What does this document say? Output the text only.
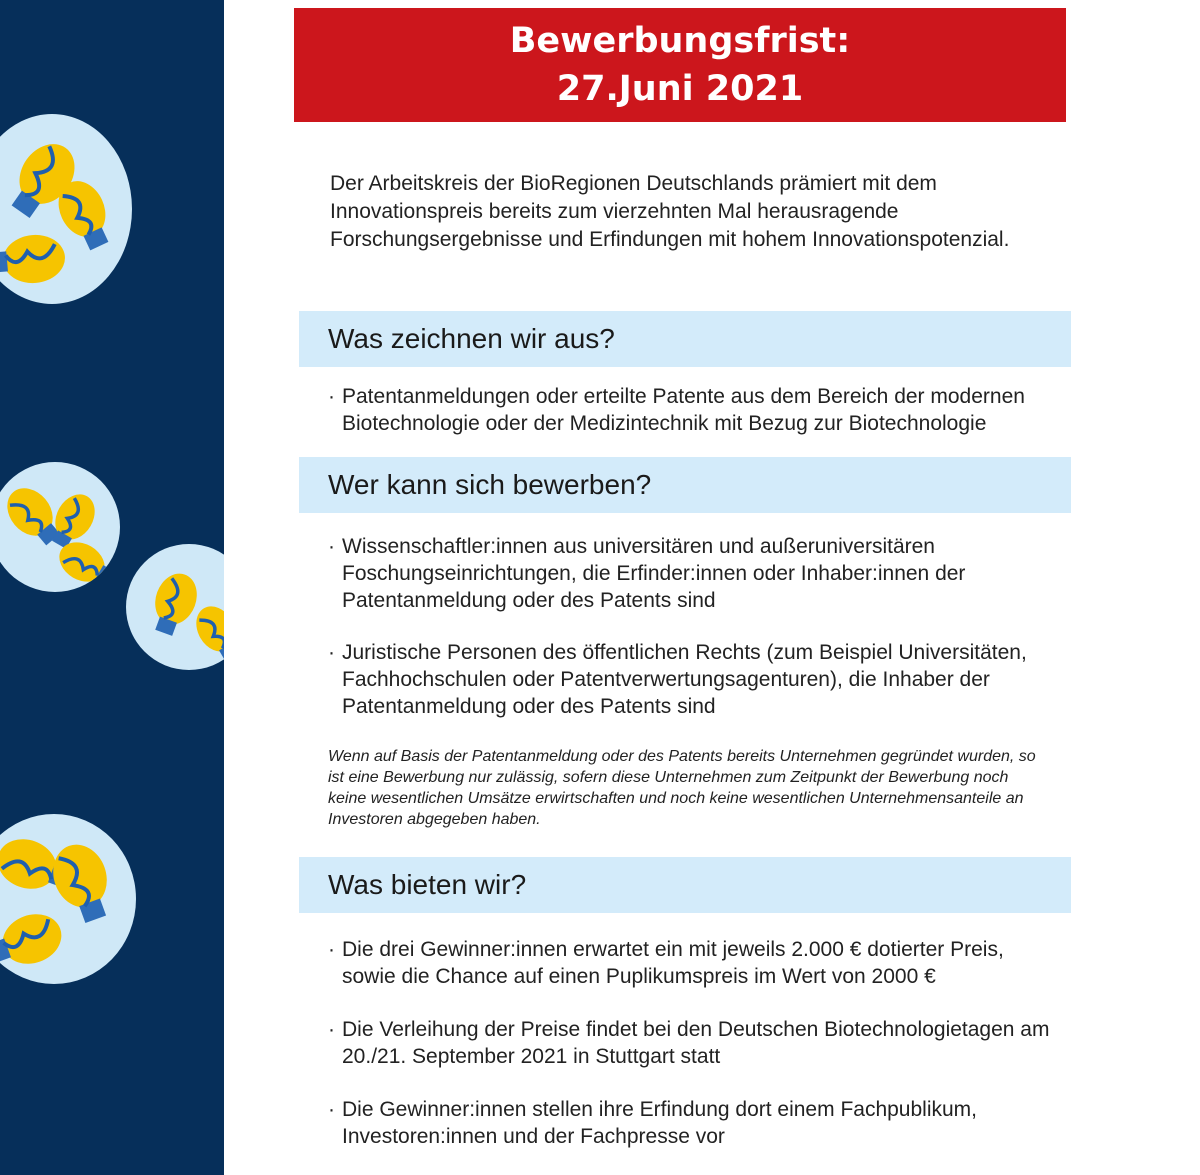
Bewerbungsfrist:
27.Juni 2021
Der Arbeitskreis der BioRegionen Deutschlands prämiert mit dem Innovationspreis bereits zum vierzehnten Mal herausragende Forschungsergebnisse und Erfindungen mit hohem Innovationspotenzial.
Was zeichnen wir aus?
· Patentanmeldungen oder erteilte Patente aus dem Bereich der modernen Biotechnologie oder der Medizintechnik mit Bezug zur Biotechnologie
Wer kann sich bewerben?
· Wissenschaftler:innen aus universitären und außeruniversitären Foschungseinrichtungen, die Erfinder:innen oder Inhaber:innen der Patentanmeldung oder des Patents sind
· Juristische Personen des öffentlichen Rechts (zum Beispiel Universitäten, Fachhochschulen oder Patentverwertungsagenturen), die Inhaber der Patentanmeldung oder des Patents sind
Wenn auf Basis der Patentanmeldung oder des Patents bereits Unternehmen gegründet wurden, so ist eine Bewerbung nur zulässig, sofern diese Unternehmen zum Zeitpunkt der Bewerbung noch keine wesentlichen Umsätze erwirtschaften und noch keine wesentlichen Unternehmensanteile an Investoren abgegeben haben.
Was bieten wir?
· Die drei Gewinner:innen erwartet ein mit jeweils 2.000 € dotierter Preis, sowie die Chance auf einen Puplikumspreis im Wert von 2000 €
· Die Verleihung der Preise findet bei den Deutschen Biotechnologietagen am 20./21. September 2021 in Stuttgart statt
· Die Gewinner:innen stellen ihre Erfindung dort einem Fachpublikum, Investoren:innen und der Fachpresse vor
